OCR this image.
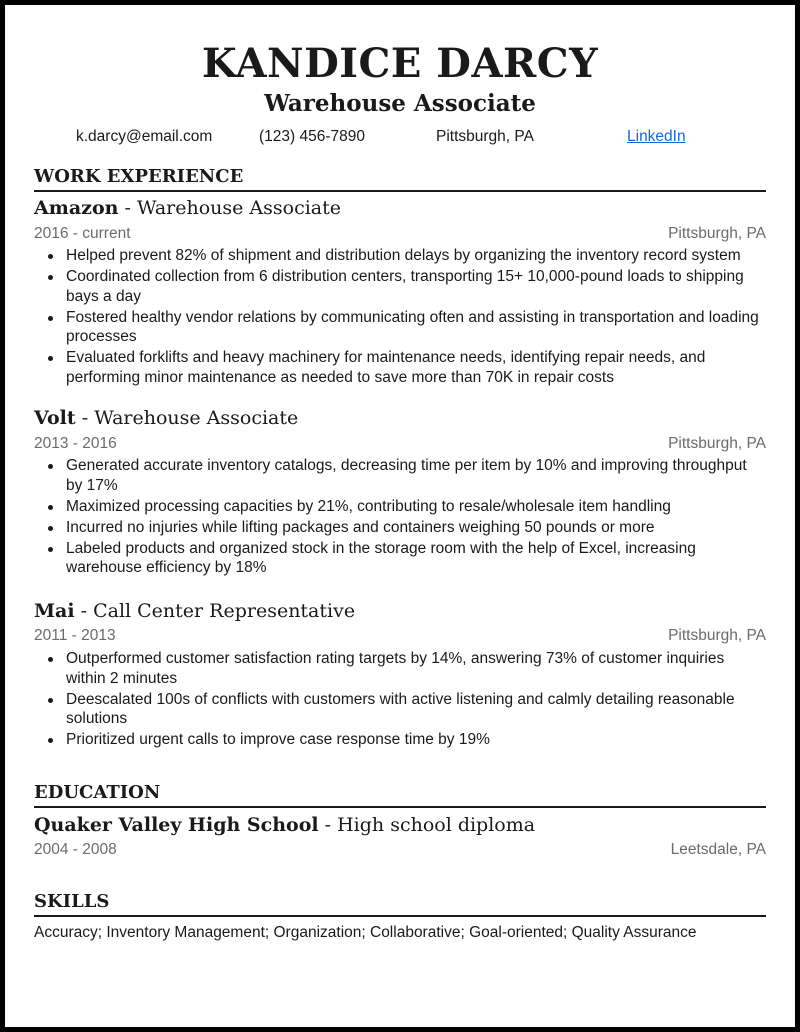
KANDICE DARCY
Warehouse Associate
k.darcy@email.com	(123) 456-7890	Pittsburgh, PA	LinkedIn
WORK EXPERIENCE
Amazon - Warehouse Associate
2016 - current	Pittsburgh, PA
Helped prevent 82% of shipment and distribution delays by organizing the inventory record system
Coordinated collection from 6 distribution centers, transporting 15+ 10,000-pound loads to shipping bays a day
Fostered healthy vendor relations by communicating often and assisting in transportation and loading processes
Evaluated forklifts and heavy machinery for maintenance needs, identifying repair needs, and performing minor maintenance as needed to save more than 70K in repair costs
Volt - Warehouse Associate
2013 - 2016	Pittsburgh, PA
Generated accurate inventory catalogs, decreasing time per item by 10% and improving throughput by 17%
Maximized processing capacities by 21%, contributing to resale/wholesale item handling
Incurred no injuries while lifting packages and containers weighing 50 pounds or more
Labeled products and organized stock in the storage room with the help of Excel, increasing warehouse efficiency by 18%
Mai - Call Center Representative
2011 - 2013	Pittsburgh, PA
Outperformed customer satisfaction rating targets by 14%, answering 73% of customer inquiries within 2 minutes
Deescalated 100s of conflicts with customers with active listening and calmly detailing reasonable solutions
Prioritized urgent calls to improve case response time by 19%
EDUCATION
Quaker Valley High School - High school diploma
2004 - 2008	Leetsdale, PA
SKILLS
Accuracy; Inventory Management; Organization; Collaborative; Goal-oriented; Quality Assurance
